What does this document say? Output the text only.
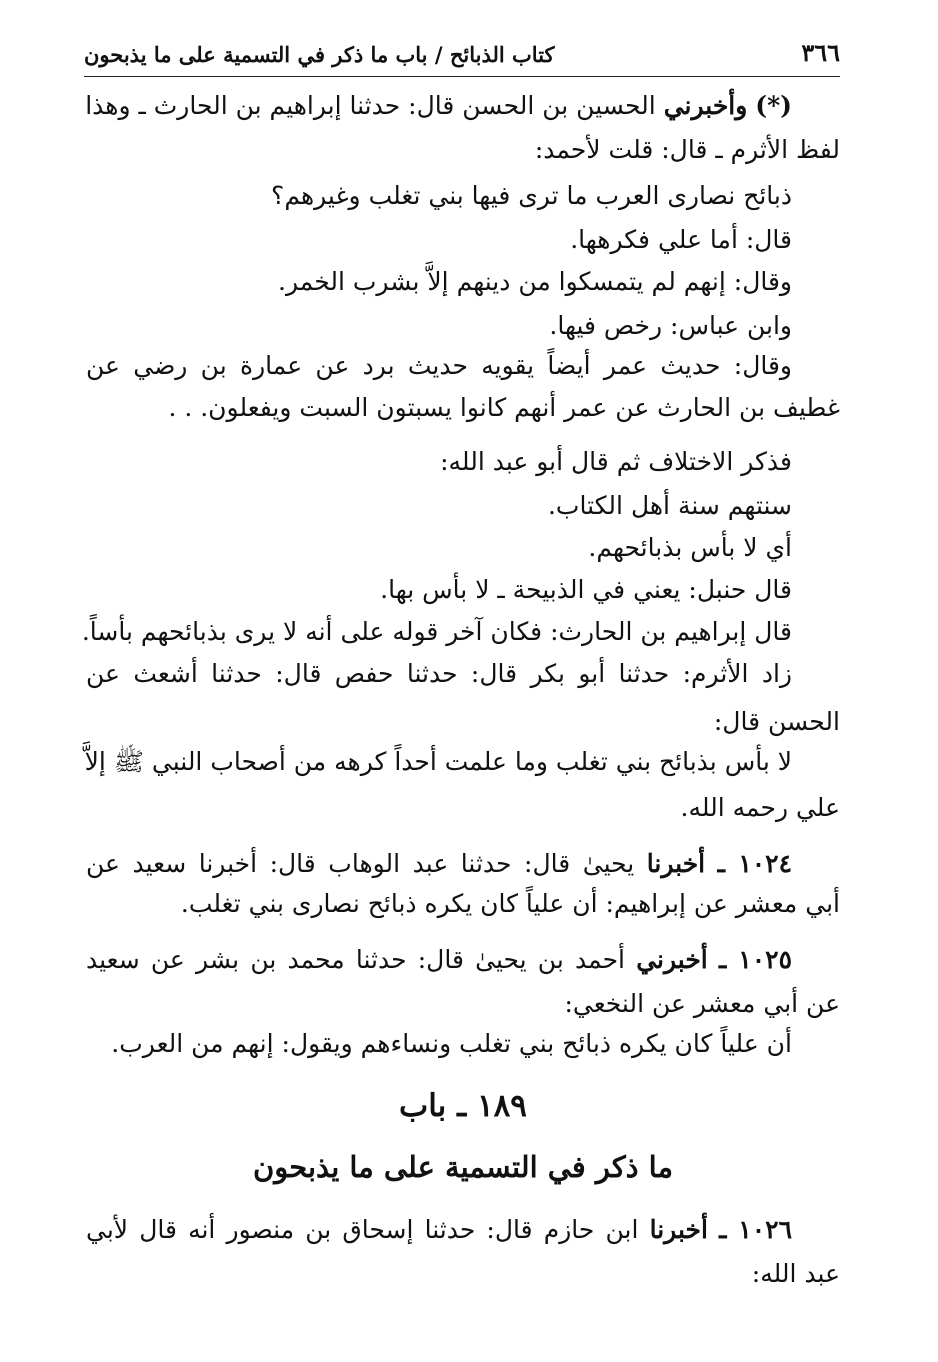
٣٦٦
كتاب الذبائح / باب ما ذكر في التسمية على ما يذبحون
(*) وأخبرني الحسين بن الحسن قال: حدثنا إبراهيم بن الحارث ـ وهذا
لفظ الأثرم ـ قال: قلت لأحمد:
ذبائح نصارى العرب ما ترى فيها بني تغلب وغيرهم؟
قال: أما علي فكرهها.
وقال: إنهم لم يتمسكوا من دينهم إلاَّ بشرب الخمر.
وابن عباس: رخص فيها.
وقال: حديث عمر أيضاً يقويه حديث برد عن عمارة بن رضي عن
غطيف بن الحارث عن عمر أنهم كانوا يسبتون السبت ويفعلون. . .
فذكر الاختلاف ثم قال أبو عبد الله:
سنتهم سنة أهل الكتاب.
أي لا بأس بذبائحهم.
قال حنبل: يعني في الذبيحة ـ لا بأس بها.
قال إبراهيم بن الحارث: فكان آخر قوله على أنه لا يرى بذبائحهم بأساً.
زاد الأثرم: حدثنا أبو بكر قال: حدثنا حفص قال: حدثنا أشعث عن
الحسن قال:
لا بأس بذبائح بني تغلب وما علمت أحداً كرهه من أصحاب النبي ﷺ إلاَّ
علي رحمه الله.
١٠٢٤ ـ أخبرنا يحيىٰ قال: حدثنا عبد الوهاب قال: أخبرنا سعيد عن
أبي معشر عن إبراهيم: أن علياً كان يكره ذبائح نصارى بني تغلب.
١٠٢٥ ـ أخبرني أحمد بن يحيىٰ قال: حدثنا محمد بن بشر عن سعيد
عن أبي معشر عن النخعي:
أن علياً كان يكره ذبائح بني تغلب ونساءهم ويقول: إنهم من العرب.
١٨٩ ـ باب
ما ذكر في التسمية على ما يذبحون
١٠٢٦ ـ أخبرنا ابن حازم قال: حدثنا إسحاق بن منصور أنه قال لأبي
عبد الله:
